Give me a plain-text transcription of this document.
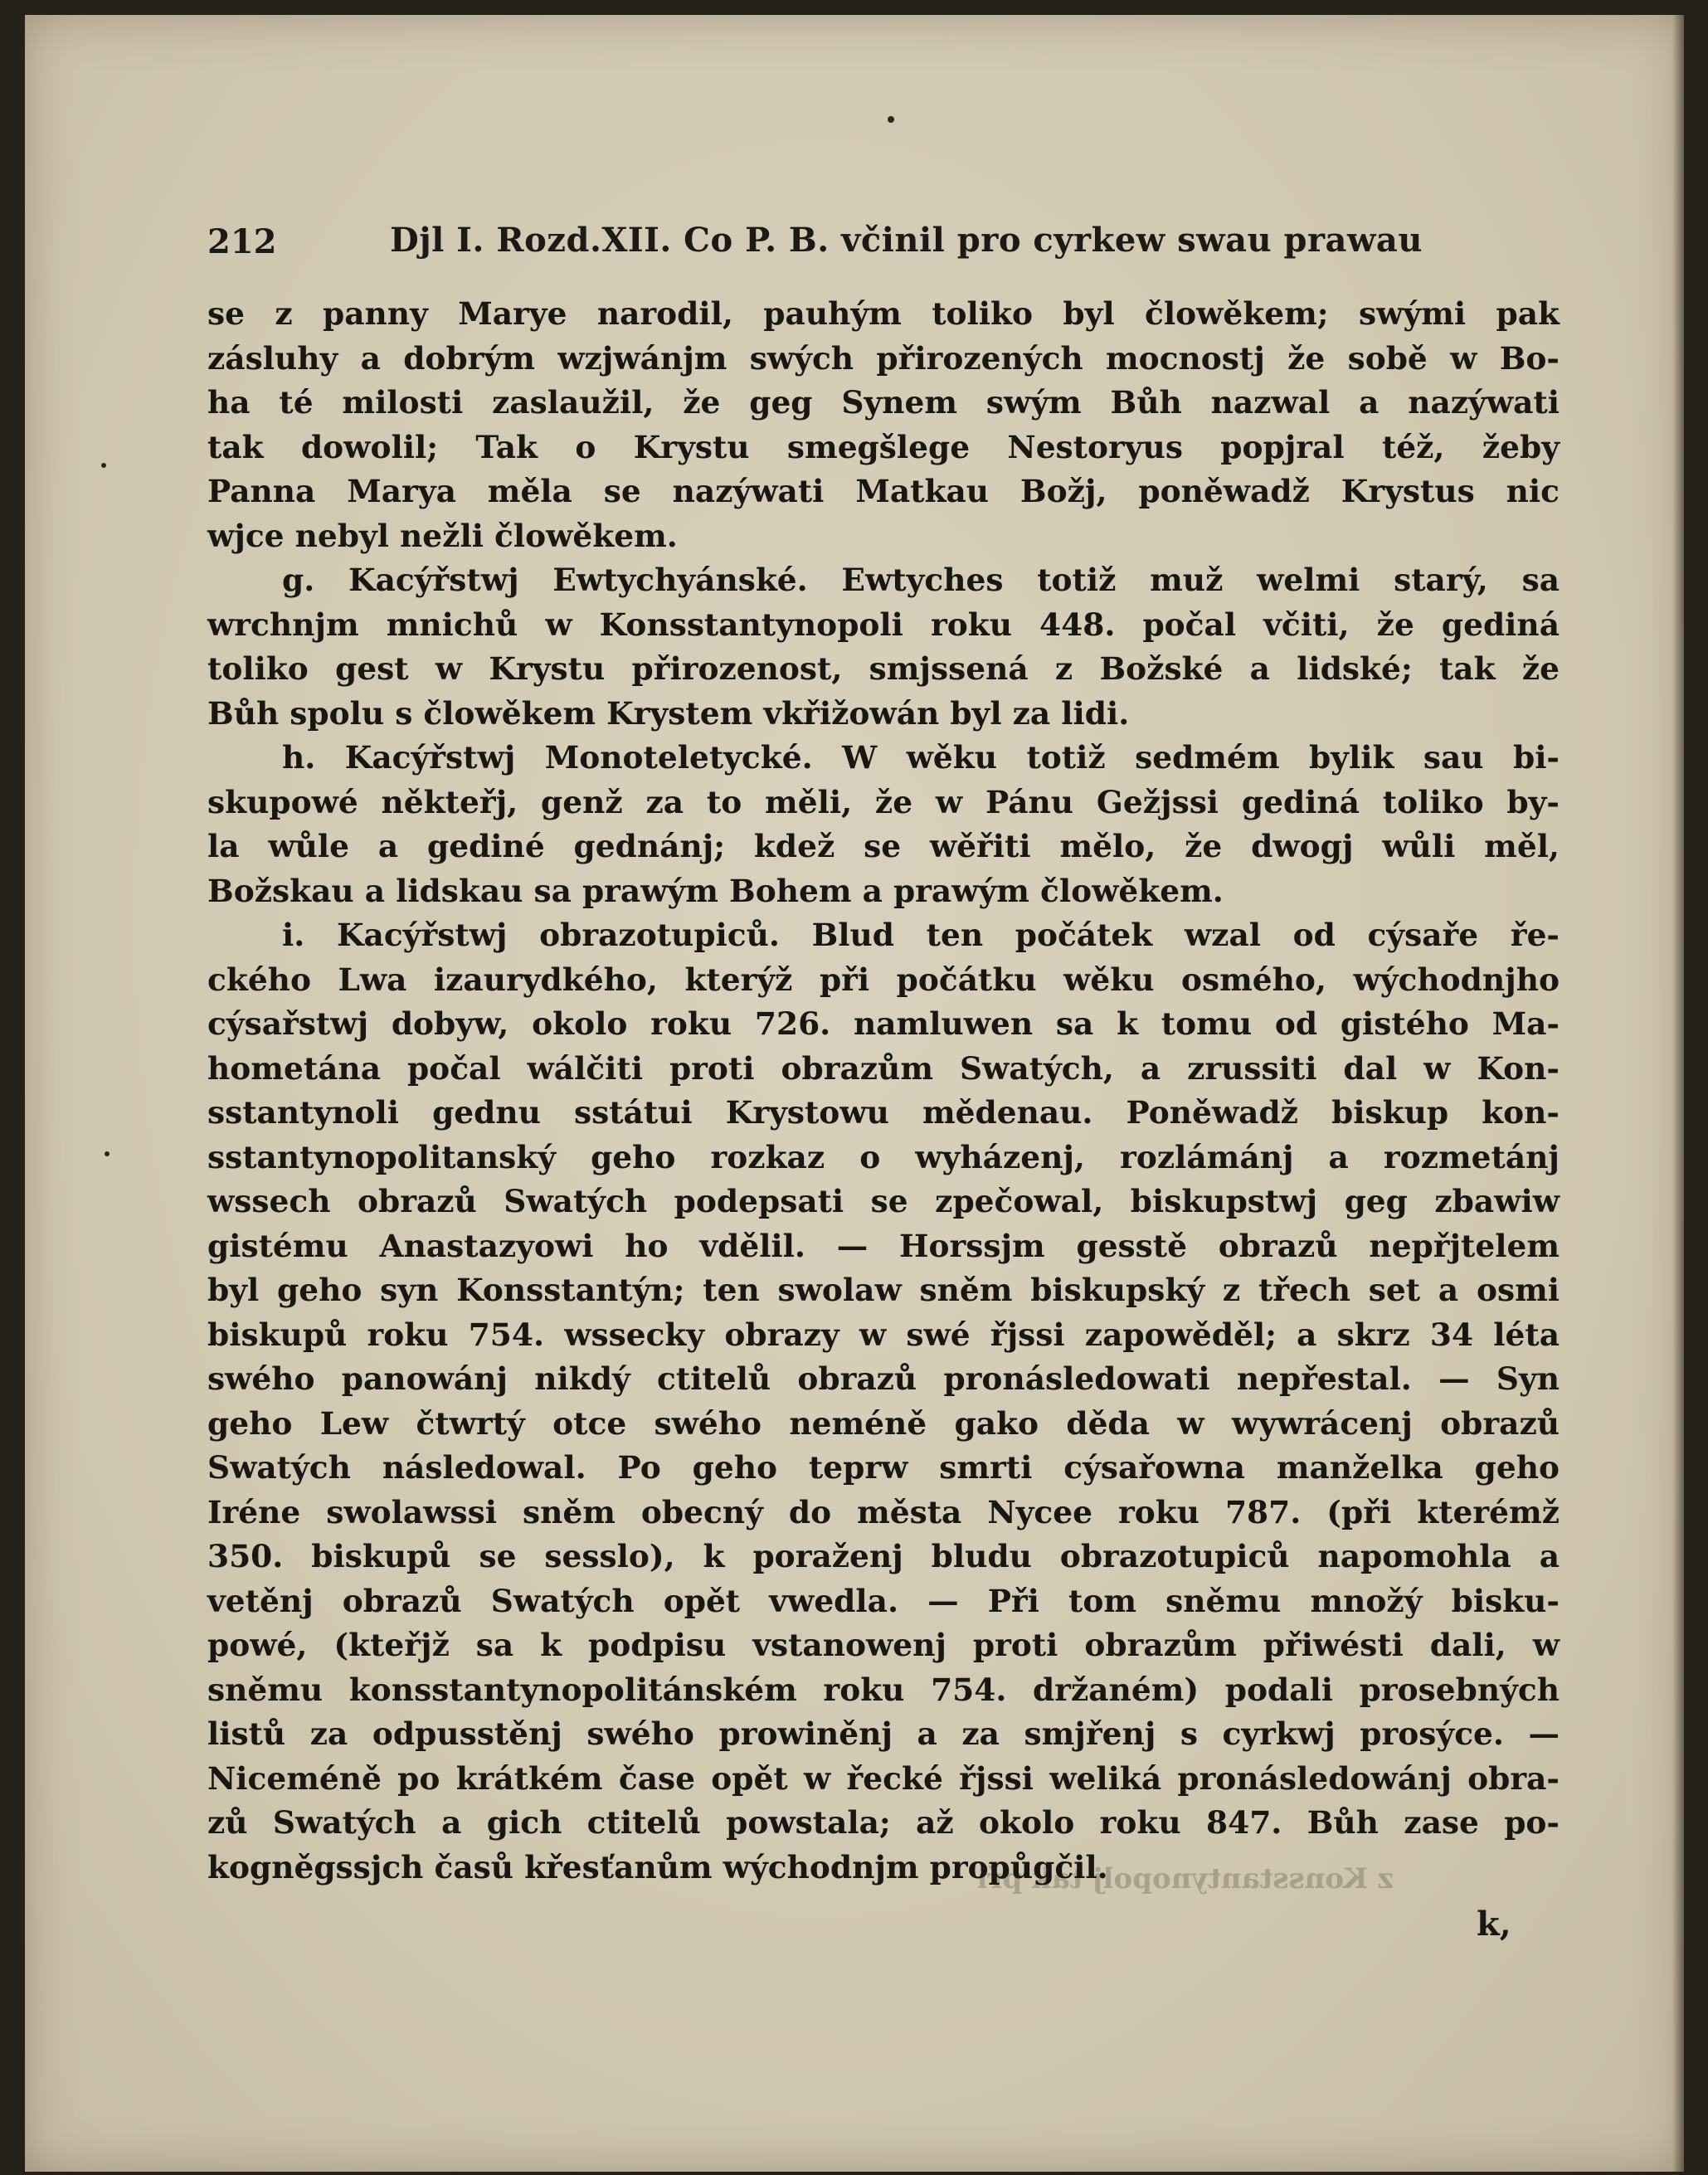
212	Djl I. Rozd.XII. Co P. B. včinil pro cyrkew swau prawau
z Konsstantynopolj tak při
se z panny Marye narodil, pauhým toliko byl člowěkem; swými pak
zásluhy a dobrým wzjwánjm swých přirozených mocnostj že sobě w Bo-
ha té milosti zaslaužil, že geg Synem swým Bůh nazwal a nazýwati
tak dowolil; Tak o Krystu smegšlege Nestoryus popjral též, žeby
Panna Marya měla se nazýwati Matkau Božj, poněwadž Krystus nic
wjce nebyl nežli člowěkem.
g. Kacýřstwj Ewtychyánské. Ewtyches totiž muž welmi starý, sa
wrchnjm mnichů w Konsstantynopoli roku 448. počal včiti, že gediná
toliko gest w Krystu přirozenost, smjssená z Božské a lidské; tak že
Bůh spolu s člowěkem Krystem vkřižowán byl za lidi.
h. Kacýřstwj Monoteletycké. W wěku totiž sedmém bylik sau bi-
skupowé někteřj, genž za to měli, že w Pánu Gežjssi gediná toliko by-
la wůle a gediné gednánj; kdež se wěřiti mělo, že dwogj wůli měl,
Božskau a lidskau sa prawým Bohem a prawým člowěkem.
i. Kacýřstwj obrazotupiců. Blud ten počátek wzal od cýsaře ře-
ckého Lwa izaurydkého, kterýž při počátku wěku osmého, wýchodnjho
cýsařstwj dobyw, okolo roku 726. namluwen sa k tomu od gistého Ma-
hometána počal wálčiti proti obrazům Swatých, a zrussiti dal w Kon-
sstantynoli gednu sstátui Krystowu mědenau. Poněwadž biskup kon-
sstantynopolitanský geho rozkaz o wyházenj, rozlámánj a rozmetánj
wssech obrazů Swatých podepsati se zpečowal, biskupstwj geg zbawiw
gistému Anastazyowi ho vdělil. — Horssjm gesstě obrazů nepřjtelem
byl geho syn Konsstantýn; ten swolaw sněm biskupský z třech set a osmi
biskupů roku 754. wssecky obrazy w swé řjssi zapowěděl; a skrz 34 léta
swého panowánj nikdý ctitelů obrazů pronásledowati nepřestal. — Syn
geho Lew čtwrtý otce swého neméně gako děda w wywrácenj obrazů
Swatých následowal. Po geho teprw smrti cýsařowna manželka geho
Iréne swolawssi sněm obecný do města Nycee roku 787. (při kterémž
350. biskupů se sesslo), k poraženj bludu obrazotupiců napomohla a
vetěnj obrazů Swatých opět vwedla. — Při tom sněmu množý bisku-
powé, (kteřjž sa k podpisu vstanowenj proti obrazům přiwésti dali, w
sněmu konsstantynopolitánském roku 754. držaném) podali prosebných
listů za odpusstěnj swého prowiněnj a za smjřenj s cyrkwj prosýce. —
Niceméně po krátkém čase opět w řecké řjssi weliká pronásledowánj obra-
zů Swatých a gich ctitelů powstala; až okolo roku 847. Bůh zase po-
kogněgssjch časů křesťanům wýchodnjm propůgčil.
k,
